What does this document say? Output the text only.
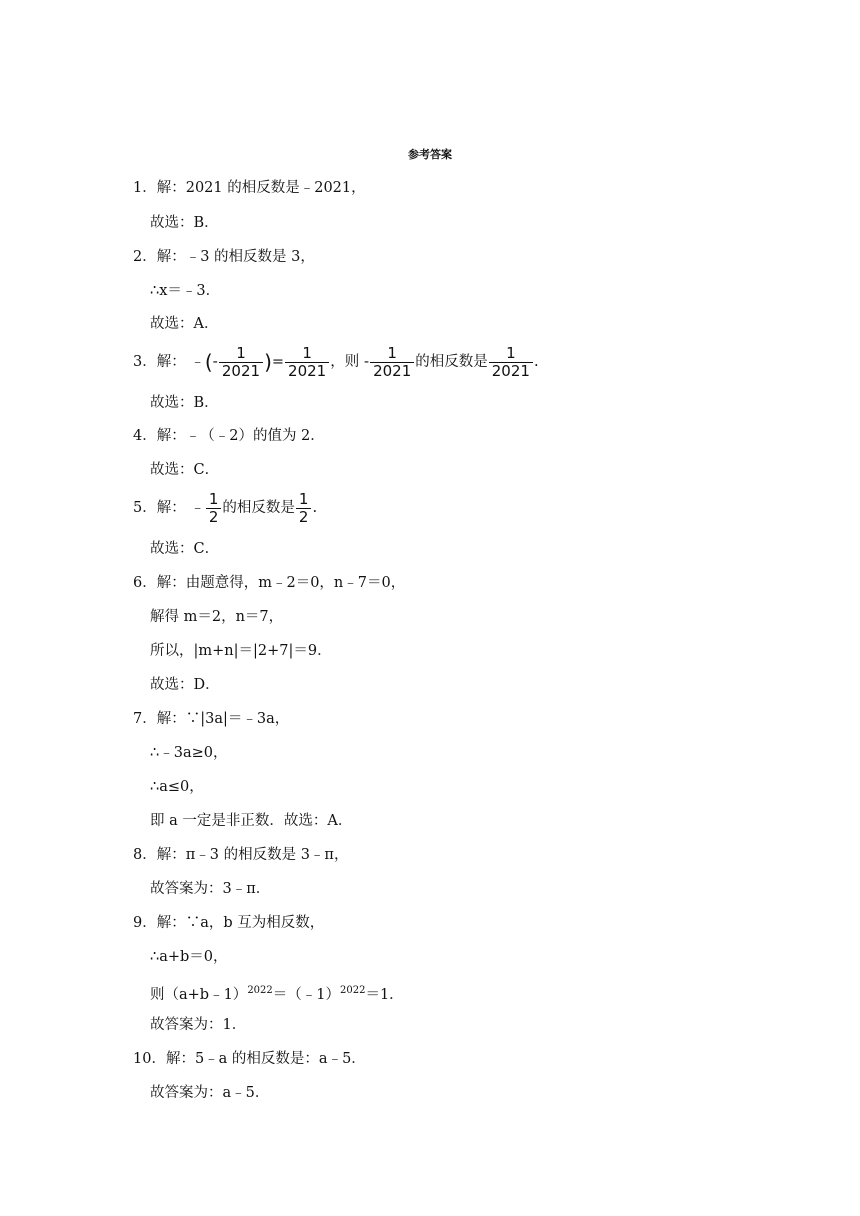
参考答案
1．解：2021 的相反数是﹣2021，
故选：B．
2．解：﹣3 的相反数是 3，
∴x＝﹣3．
故选：A．
3．解： ﹣(- $\frac{1}{2021}$ )= $\frac{1}{2021}$ ，则 - $\frac{1}{2021}$ 的相反数是 $\frac{1}{2021}$ .
故选：B．
4．解：﹣（﹣2）的值为 2．
故选：C．
5．解： ﹣ $\frac{1}{2}$ 的相反数是 $\frac{1}{2}$ .
故选：C．
6．解：由题意得，m﹣2＝0，n﹣7＝0，
解得 m＝2，n＝7，
所以，|m+n|＝|2+7|＝9．
故选：D．
7．解：∵|3a|＝﹣3a，
∴﹣3a≥0，
∴a≤0，
即 a 一定是非正数．故选：A．
8．解：π﹣3 的相反数是 3﹣π，
故答案为：3﹣π．
9．解：∵a，b 互为相反数，
∴a+b＝0，
则（a+b﹣1）$^{2022}$＝（﹣1）$^{2022}$＝1．
故答案为：1．
10．解：5﹣a 的相反数是：a﹣5．
故答案为：a﹣5．
